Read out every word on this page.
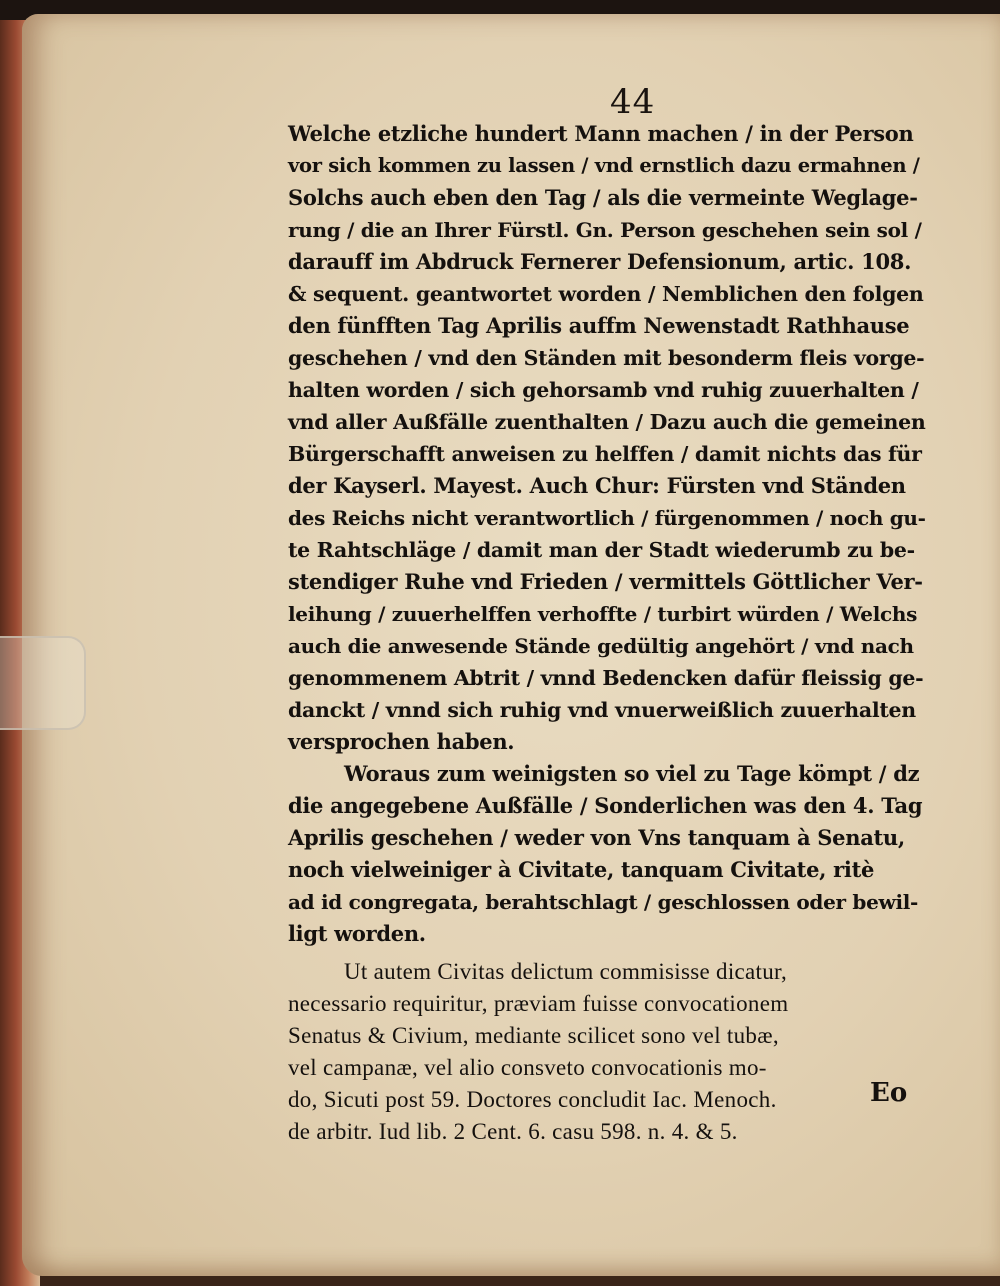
44
Welche etzliche hundert Mann machen / in der Person
vor sich kommen zu lassen / vnd ernstlich dazu ermahnen /
Solchs auch eben den Tag / als die vermeinte Weglage-
rung / die an Ihrer Fürstl. Gn. Person geschehen sein sol /
darauff im Abdruck Fernerer Defensionum, artic. 108.
& sequent. geantwortet worden / Nemblichen den folgen
den fünfften Tag Aprilis auffm Newenstadt Rathhause
geschehen / vnd den Ständen mit besonderm fleis vorge-
halten worden / sich gehorsamb vnd ruhig zuuerhalten /
vnd aller Außfälle zuenthalten / Dazu auch die gemeinen
Bürgerschafft anweisen zu helffen / damit nichts das für
der Kayserl. Mayest. Auch Chur: Fürsten vnd Ständen
des Reichs nicht verantwortlich / fürgenommen / noch gu-
te Rahtschläge / damit man der Stadt wiederumb zu be-
stendiger Ruhe vnd Frieden / vermittels Göttlicher Ver-
leihung / zuuerhelffen verhoffte / turbirt würden / Welchs
auch die anwesende Stände gedültig angehört / vnd nach
genommenem Abtrit / vnnd Bedencken dafür fleissig ge-
danckt / vnnd sich ruhig vnd vnuerweißlich zuuerhalten
versprochen haben.
Woraus zum weinigsten so viel zu Tage kömpt / dz
die angegebene Außfälle / Sonderlichen was den 4. Tag
Aprilis geschehen / weder von Vns tanquam à Senatu,
noch vielweiniger à Civitate, tanquam Civitate, ritè
ad id congregata, berahtschlagt / geschlossen oder bewil-
ligt worden.
Ut autem Civitas delictum commisisse dicatur,
necessario requiritur, præviam fuisse convocationem
Senatus & Civium, mediante scilicet sono vel tubæ,
vel campanæ, vel alio consveto convocationis mo-
do, Sicuti post 59. Doctores concludit Iac. Menoch.
de arbitr. Iud lib. 2 Cent. 6. casu 598. n. 4. & 5.
Eo
